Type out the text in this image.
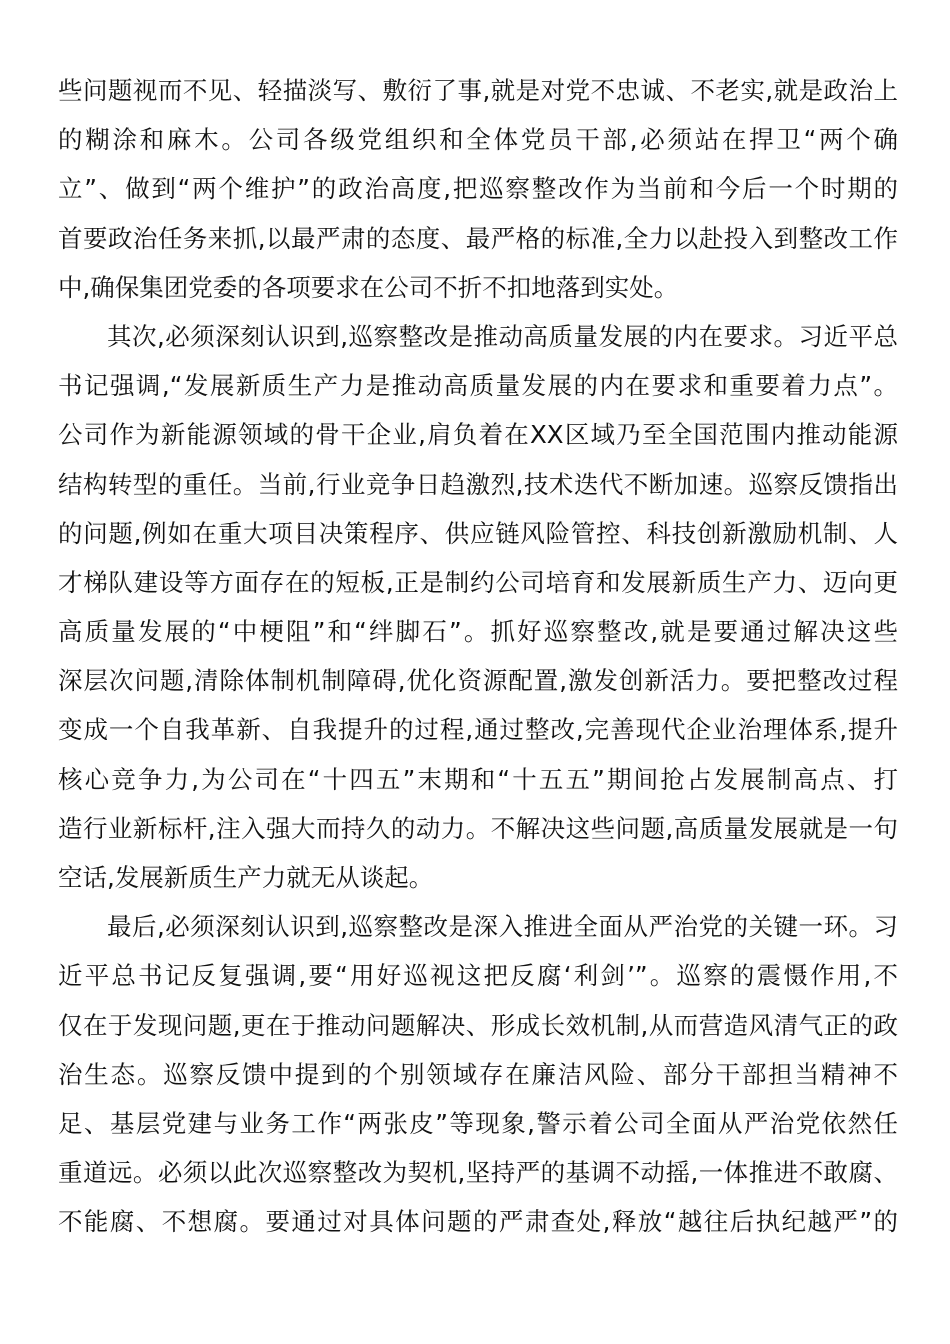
些问题视而不见、轻描淡写、敷衍了事,就是对党不忠诚、不老实,就是政治上
的糊涂和麻木。公司各级党组织和全体党员干部,必须站在捍卫“两个确
立”、做到“两个维护”的政治高度,把巡察整改作为当前和今后一个时期的
首要政治任务来抓,以最严肃的态度、最严格的标准,全力以赴投入到整改工作
中,确保集团党委的各项要求在公司不折不扣地落到实处。
其次,必须深刻认识到,巡察整改是推动高质量发展的内在要求。习近平总
书记强调,“发展新质生产力是推动高质量发展的内在要求和重要着力点”。
公司作为新能源领域的骨干企业,肩负着在XX区域乃至全国范围内推动能源
结构转型的重任。当前,行业竞争日趋激烈,技术迭代不断加速。巡察反馈指出
的问题,例如在重大项目决策程序、供应链风险管控、科技创新激励机制、人
才梯队建设等方面存在的短板,正是制约公司培育和发展新质生产力、迈向更
高质量发展的“中梗阻”和“绊脚石”。抓好巡察整改,就是要通过解决这些
深层次问题,清除体制机制障碍,优化资源配置,激发创新活力。要把整改过程
变成一个自我革新、自我提升的过程,通过整改,完善现代企业治理体系,提升
核心竞争力,为公司在“十四五”末期和“十五五”期间抢占发展制高点、打
造行业新标杆,注入强大而持久的动力。不解决这些问题,高质量发展就是一句
空话,发展新质生产力就无从谈起。
最后,必须深刻认识到,巡察整改是深入推进全面从严治党的关键一环。习
近平总书记反复强调,要“用好巡视这把反腐‘利剑’”。巡察的震慑作用,不
仅在于发现问题,更在于推动问题解决、形成长效机制,从而营造风清气正的政
治生态。巡察反馈中提到的个别领域存在廉洁风险、部分干部担当精神不
足、基层党建与业务工作“两张皮”等现象,警示着公司全面从严治党依然任
重道远。必须以此次巡察整改为契机,坚持严的基调不动摇,一体推进不敢腐、
不能腐、不想腐。要通过对具体问题的严肃查处,释放“越往后执纪越严”的
